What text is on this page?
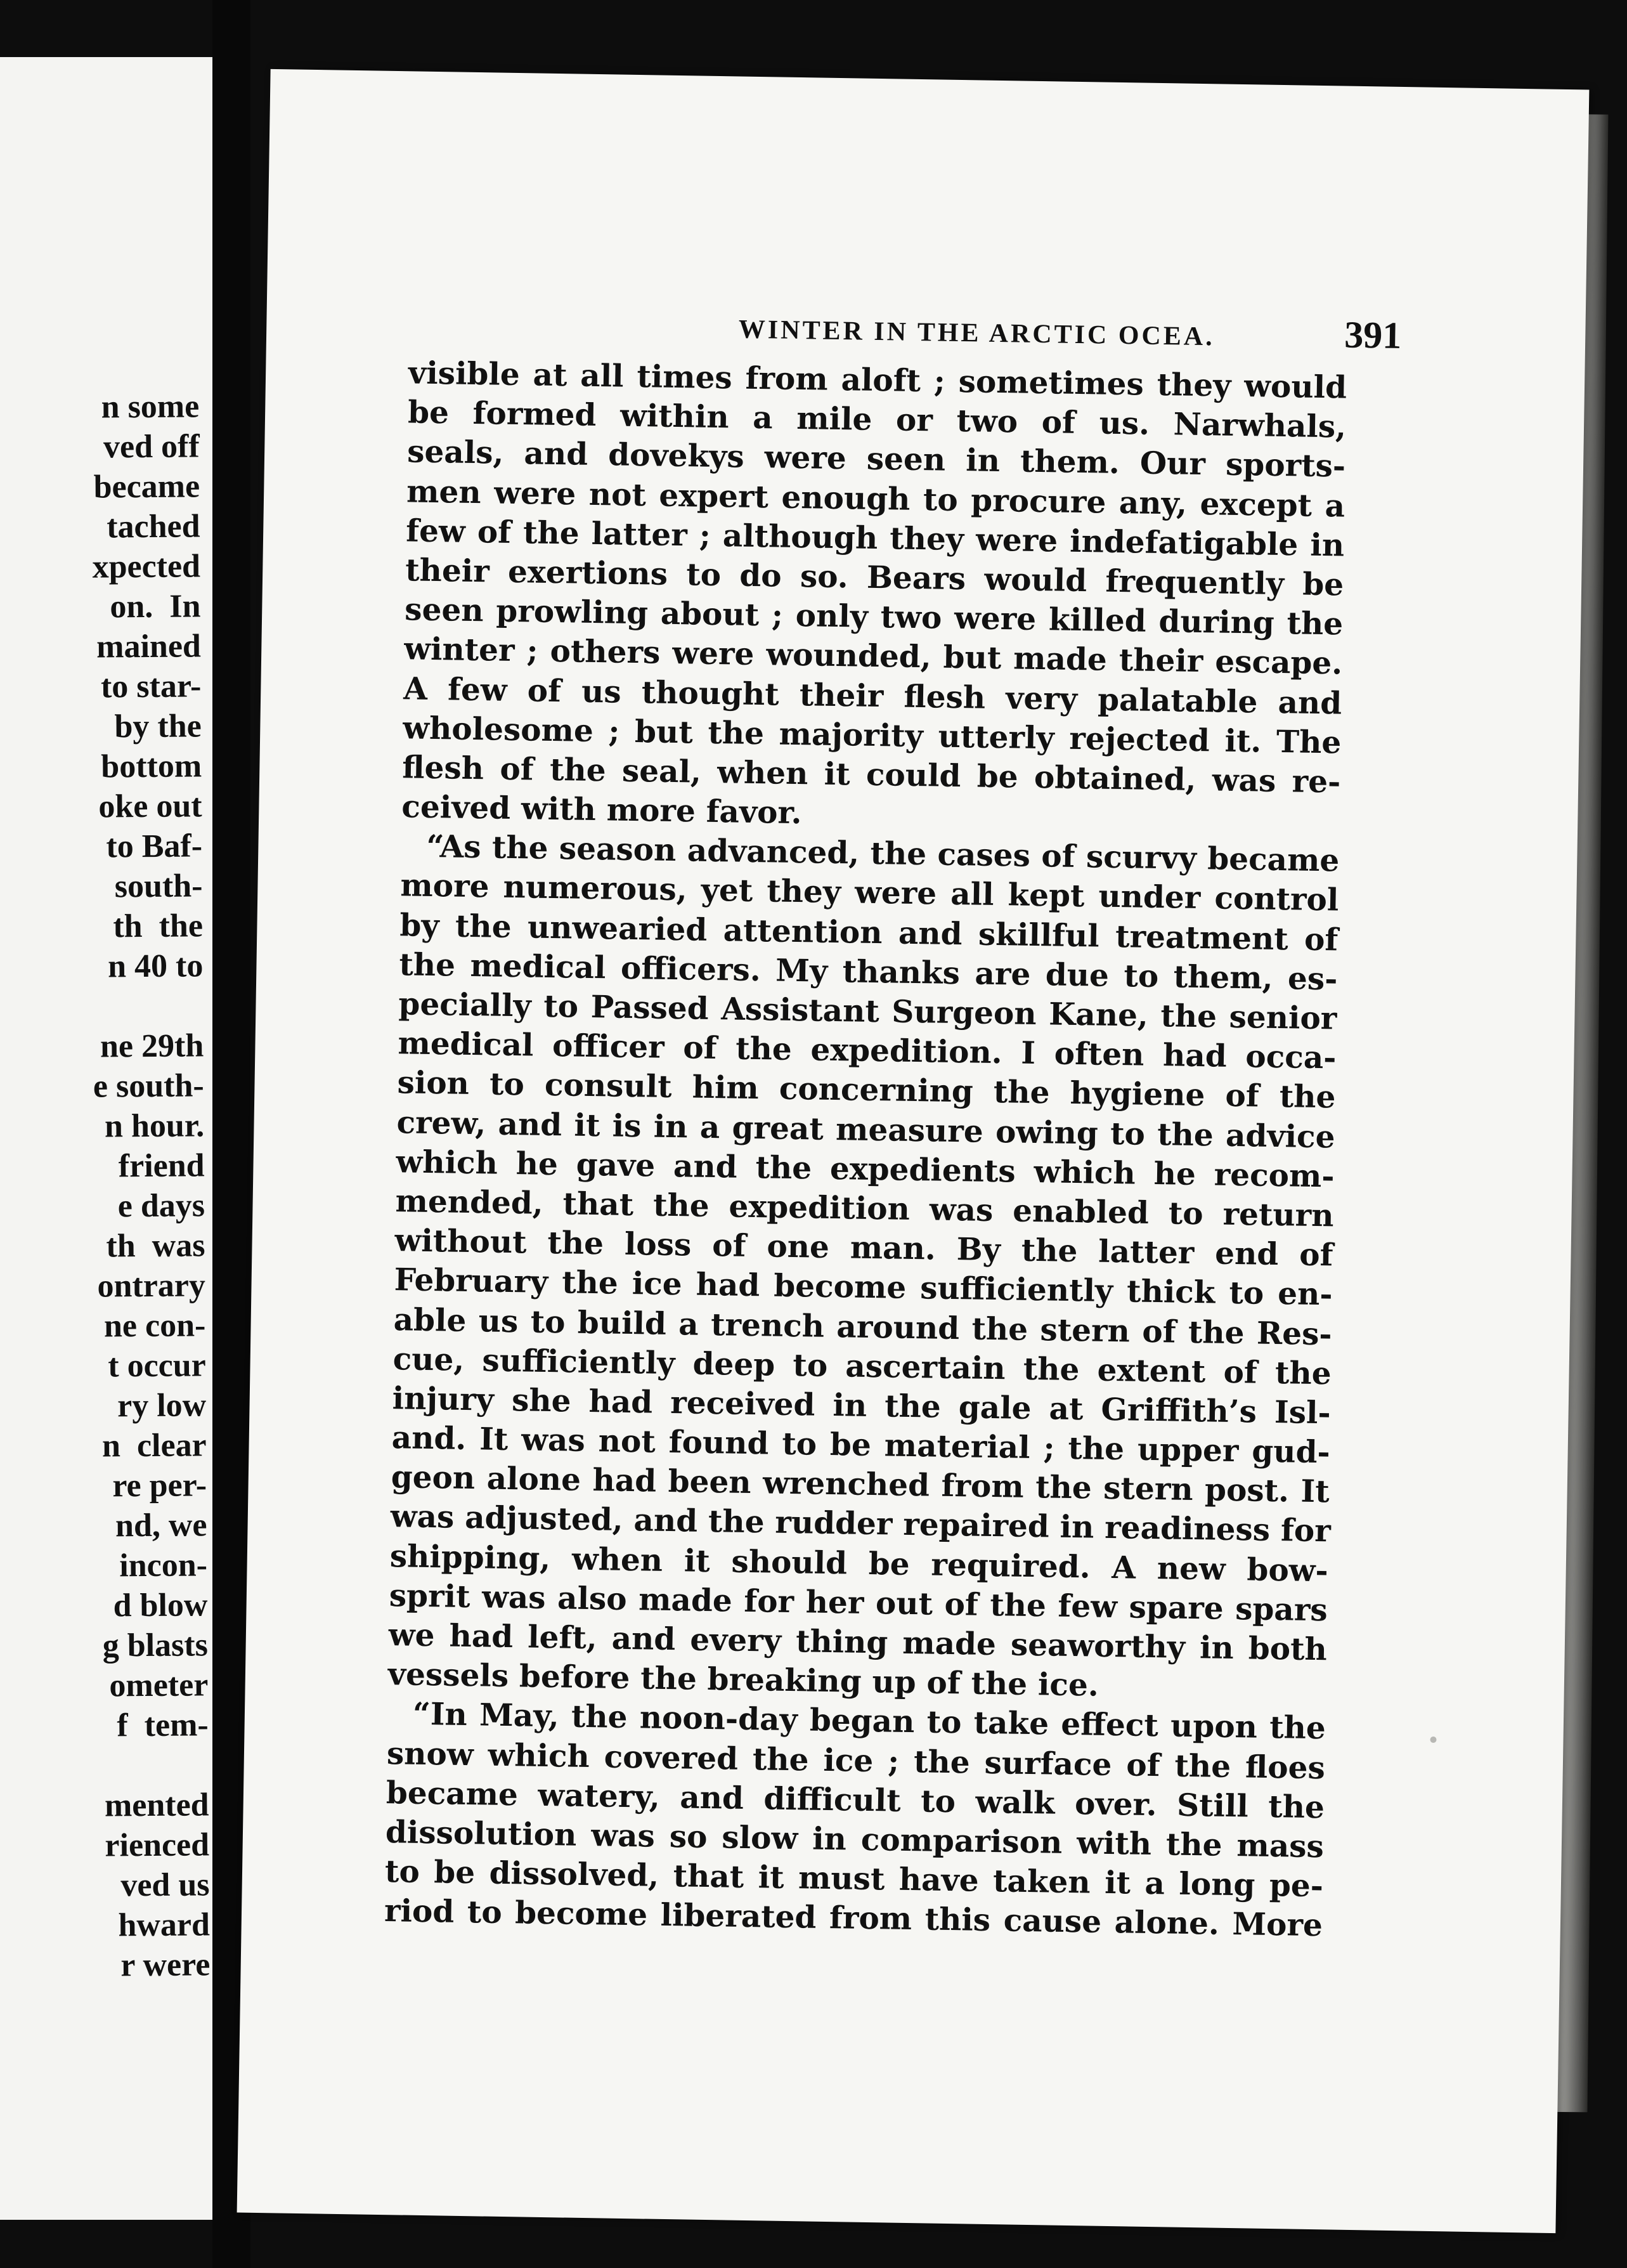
n some
ved off
became
tached
xpected
on.  In
mained
to star-
by the
bottom
oke out
to Baf-
south-
th  the
n 40 to
ne 29th
e south-
n hour.
friend
e days
th  was
ontrary
ne con-
t occur
ry low
n  clear
re per-
nd, we
incon-
d blow
g blasts
ometer
f  tem-
mented
rienced
ved us
hward
r were
WINTER IN THE ARCTIC OCEA.	391
visible at all times from aloft ; sometimes they would
be formed within a mile or two of us. Narwhals,
seals, and dovekys were seen in them. Our sports-
men were not expert enough to procure any, except a
few of the latter ; although they were indefatigable in
their exertions to do so. Bears would frequently be
seen prowling about ; only two were killed during the
winter ; others were wounded, but made their escape.
A few of us thought their flesh very palatable and
wholesome ; but the majority utterly rejected it. The
flesh of the seal, when it could be obtained, was re-
ceived with more favor.
“As the season advanced, the cases of scurvy became
more numerous, yet they were all kept under control
by the unwearied attention and skillful treatment of
the medical officers. My thanks are due to them, es-
pecially to Passed Assistant Surgeon Kane, the senior
medical officer of the expedition. I often had occa-
sion to consult him concerning the hygiene of the
crew, and it is in a great measure owing to the advice
which he gave and the expedients which he recom-
mended, that the expedition was enabled to return
without the loss of one man. By the latter end of
February the ice had become sufficiently thick to en-
able us to build a trench around the stern of the Res-
cue, sufficiently deep to ascertain the extent of the
injury she had received in the gale at Griffith’s Isl-
and. It was not found to be material ; the upper gud-
geon alone had been wrenched from the stern post. It
was adjusted, and the rudder repaired in readiness for
shipping, when it should be required. A new bow-
sprit was also made for her out of the few spare spars
we had left, and every thing made seaworthy in both
vessels before the breaking up of the ice.
“In May, the noon-day began to take effect upon the
snow which covered the ice ; the surface of the floes
became watery, and difficult to walk over. Still the
dissolution was so slow in comparison with the mass
to be dissolved, that it must have taken it a long pe-
riod to become liberated from this cause alone. More
